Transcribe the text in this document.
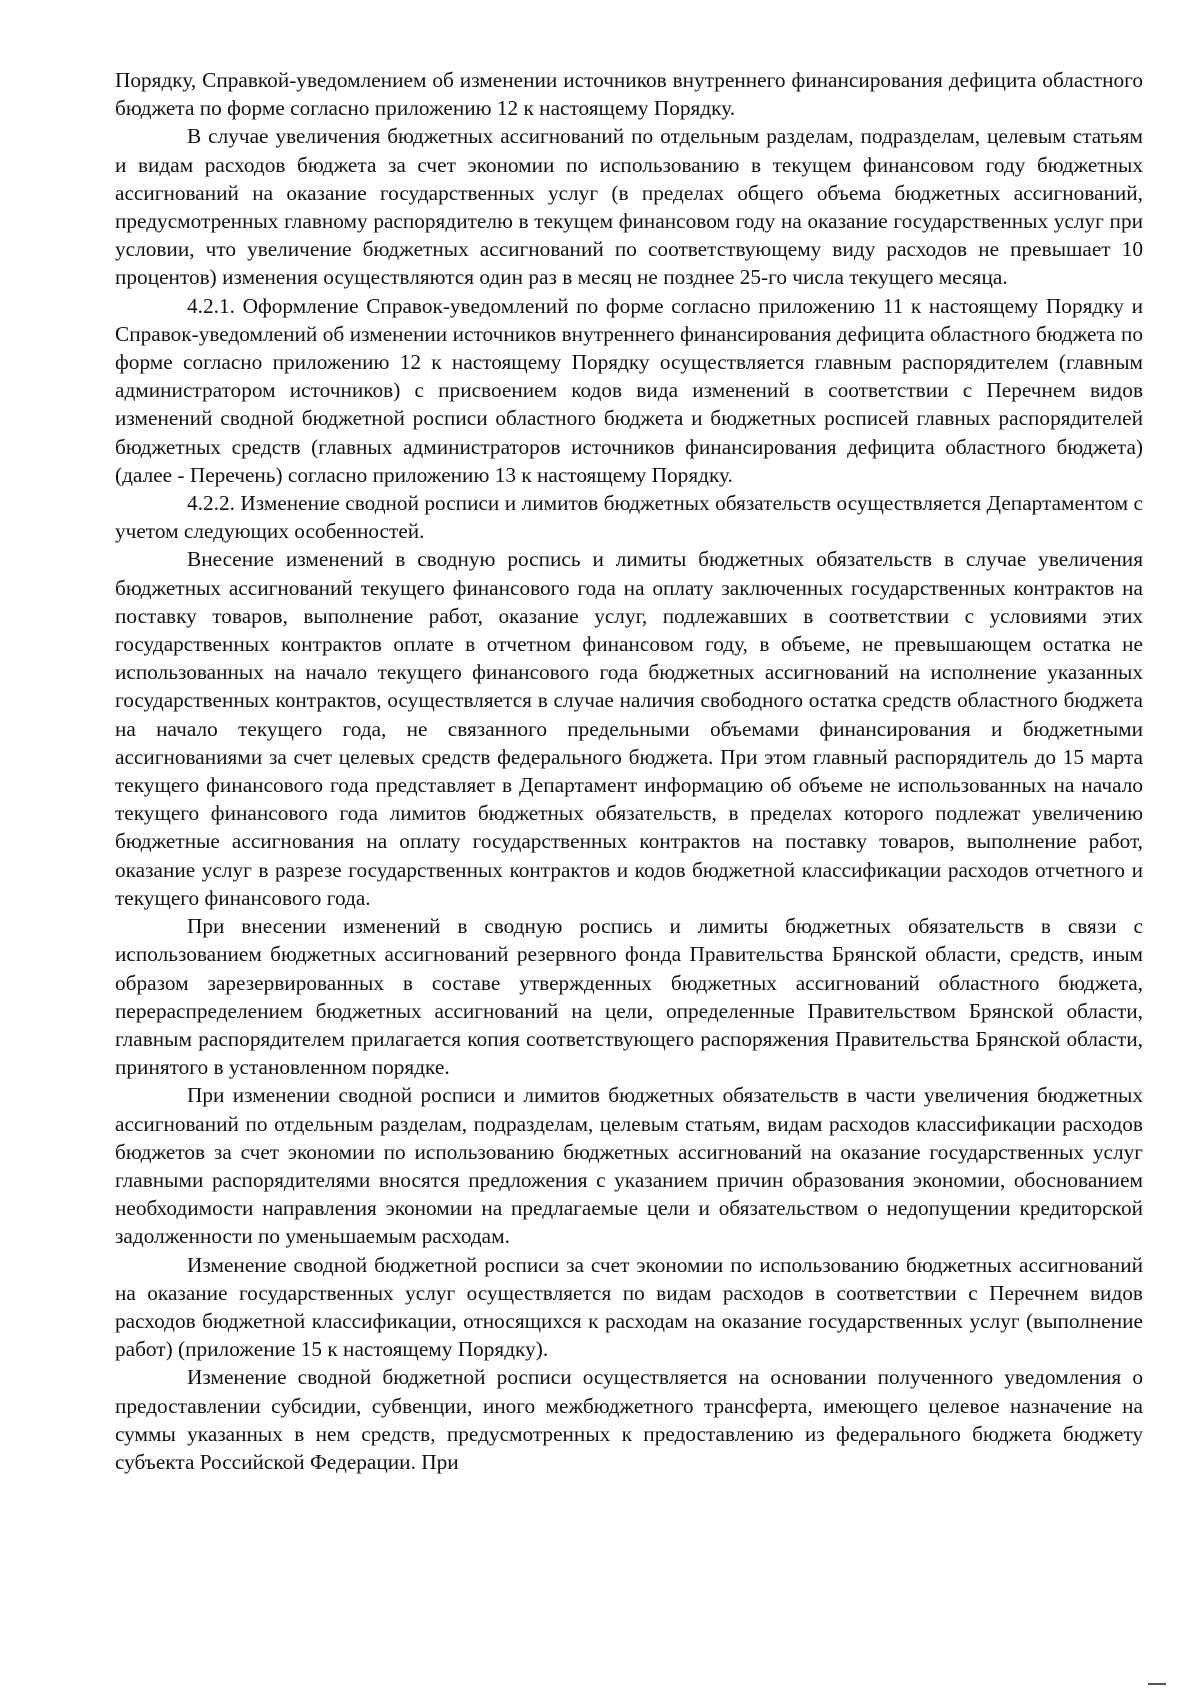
Порядку, Справкой-уведомлением об изменении источников внутреннего финансирования дефицита областного бюджета по форме согласно приложению 12 к настоящему Порядку.

В случае увеличения бюджетных ассигнований по отдельным разделам, подразделам, целевым статьям и видам расходов бюджета за счет экономии по использованию в текущем финансовом году бюджетных ассигнований на оказание государственных услуг (в пределах общего объема бюджетных ассигнований, предусмотренных главному распорядителю в текущем финансовом году на оказание государственных услуг при условии, что увеличение бюджетных ассигнований по соответствующему виду расходов не превышает 10 процентов) изменения осуществляются один раз в месяц не позднее 25-го числа текущего месяца.

4.2.1. Оформление Справок-уведомлений по форме согласно приложению 11 к настоящему Порядку и Справок-уведомлений об изменении источников внутреннего финансирования дефицита областного бюджета по форме согласно приложению 12 к настоящему Порядку осуществляется главным распорядителем (главным администратором источников) с присвоением кодов вида изменений в соответствии с Перечнем видов изменений сводной бюджетной росписи областного бюджета и бюджетных росписей главных распорядителей бюджетных средств (главных администраторов источников финансирования дефицита областного бюджета) (далее - Перечень) согласно приложению 13 к настоящему Порядку.

4.2.2. Изменение сводной росписи и лимитов бюджетных обязательств осуществляется Департаментом с учетом следующих особенностей.

Внесение изменений в сводную роспись и лимиты бюджетных обязательств в случае увеличения бюджетных ассигнований текущего финансового года на оплату заключенных государственных контрактов на поставку товаров, выполнение работ, оказание услуг, подлежавших в соответствии с условиями этих государственных контрактов оплате в отчетном финансовом году, в объеме, не превышающем остатка не использованных на начало текущего финансового года бюджетных ассигнований на исполнение указанных государственных контрактов, осуществляется в случае наличия свободного остатка средств областного бюджета на начало текущего года, не связанного предельными объемами финансирования и бюджетными ассигнованиями за счет целевых средств федерального бюджета. При этом главный распорядитель до 15 марта текущего финансового года представляет в Департамент информацию об объеме не использованных на начало текущего финансового года лимитов бюджетных обязательств, в пределах которого подлежат увеличению бюджетные ассигнования на оплату государственных контрактов на поставку товаров, выполнение работ, оказание услуг в разрезе государственных контрактов и кодов бюджетной классификации расходов отчетного и текущего финансового года.

При внесении изменений в сводную роспись и лимиты бюджетных обязательств в связи с использованием бюджетных ассигнований резервного фонда Правительства Брянской области, средств, иным образом зарезервированных в составе утвержденных бюджетных ассигнований областного бюджета, перераспределением бюджетных ассигнований на цели, определенные Правительством Брянской области, главным распорядителем прилагается копия соответствующего распоряжения Правительства Брянской области, принятого в установленном порядке.

При изменении сводной росписи и лимитов бюджетных обязательств в части увеличения бюджетных ассигнований по отдельным разделам, подразделам, целевым статьям, видам расходов классификации расходов бюджетов за счет экономии по использованию бюджетных ассигнований на оказание государственных услуг главными распорядителями вносятся предложения с указанием причин образования экономии, обоснованием необходимости направления экономии на предлагаемые цели и обязательством о недопущении кредиторской задолженности по уменьшаемым расходам.

Изменение сводной бюджетной росписи за счет экономии по использованию бюджетных ассигнований на оказание государственных услуг осуществляется по видам расходов в соответствии с Перечнем видов расходов бюджетной классификации, относящихся к расходам на оказание государственных услуг (выполнение работ) (приложение 15 к настоящему Порядку).

Изменение сводной бюджетной росписи осуществляется на основании полученного уведомления о предоставлении субсидии, субвенции, иного межбюджетного трансферта, имеющего целевое назначение на суммы указанных в нем средств, предусмотренных к предоставлению из федерального бюджета бюджету субъекта Российской Федерации. При
